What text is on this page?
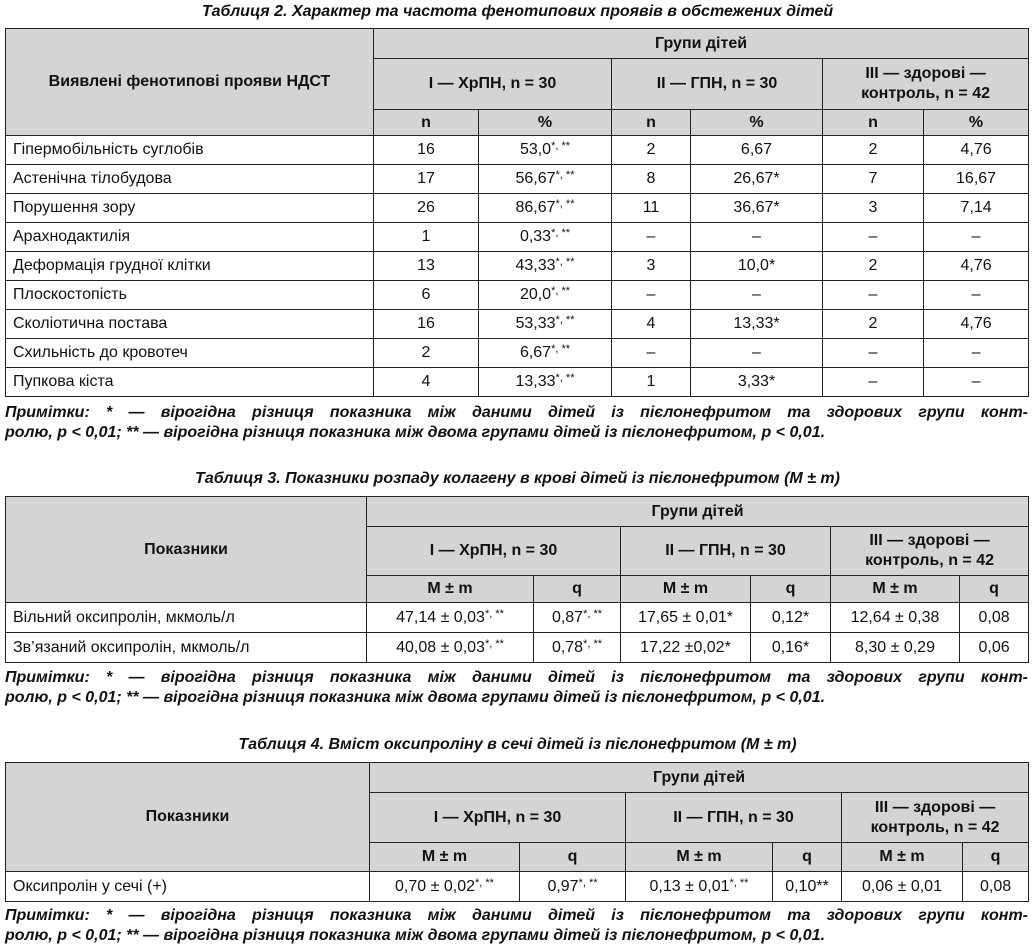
Таблиця 2. Характер та частота фенотипових проявів в обстежених дітей
Виявлені фенотипові прояви НДСТ	Групи дітей					
	I — ХрПН, n = 30		II — ГПН, n = 30		III — здорові — контроль, n = 42	
	n	%	n	%	n	%
Гіпермобільність суглобів	16	53,0*, **	2	6,67	2	4,76
Астенічна тілобудова	17	56,67*, **	8	26,67*	7	16,67
Порушення зору	26	86,67*, **	11	36,67*	3	7,14
Арахнодактилія	1	0,33*, **	–	–	–	–
Деформація грудної клітки	13	43,33*, **	3	10,0*	2	4,76
Плоскостопість	6	20,0*, **	–	–	–	–
Сколіотична постава	16	53,33*, **	4	13,33*	2	4,76
Схильність до кровотеч	2	6,67*, **	–	–	–	–
Пупкова кіста	4	13,33*, **	1	3,33*	–	–
Примітки: * — вірогідна різниця показника між даними дітей із пієлонефритом та здорових групи конт-
ролю, p < 0,01; ** — вірогідна різниця показника між двома групами дітей із пієлонефритом, p < 0,01.
Таблиця 3. Показники розпаду колагену в крові дітей із пієлонефритом (M ± m)
Показники	Групи дітей					
	I — ХрПН, n = 30		II — ГПН, n = 30		III — здорові — контроль, n = 42	
	M ± m	q	M ± m	q	M ± m	q
Вільний оксипролін, мкмоль/л	47,14 ± 0,03*, **	0,87*, **	17,65 ± 0,01*	0,12*	12,64 ± 0,38	0,08
Зв’язаний оксипролін, мкмоль/л	40,08 ± 0,03*, **	0,78*, **	17,22 ±0,02*	0,16*	8,30 ± 0,29	0,06
Примітки: * — вірогідна різниця показника між даними дітей із пієлонефритом та здорових групи конт-
ролю, p < 0,01; ** — вірогідна різниця показника між двома групами дітей із пієлонефритом, p < 0,01.
Таблиця 4. Вміст оксипроліну в сечі дітей із пієлонефритом (M ± m)
Показники	Групи дітей					
	I — ХрПН, n = 30		II — ГПН, n = 30		III — здорові — контроль, n = 42	
	M ± m	q	M ± m	q	M ± m	q
Оксипролін у сечі (+)	0,70 ± 0,02*, **	0,97*, **	0,13 ± 0,01*, **	0,10**	0,06 ± 0,01	0,08
Примітки: * — вірогідна різниця показника між даними дітей із пієлонефритом та здорових групи конт-
ролю, p < 0,01; ** — вірогідна різниця показника між двома групами дітей із пієлонефритом, p < 0,01.
